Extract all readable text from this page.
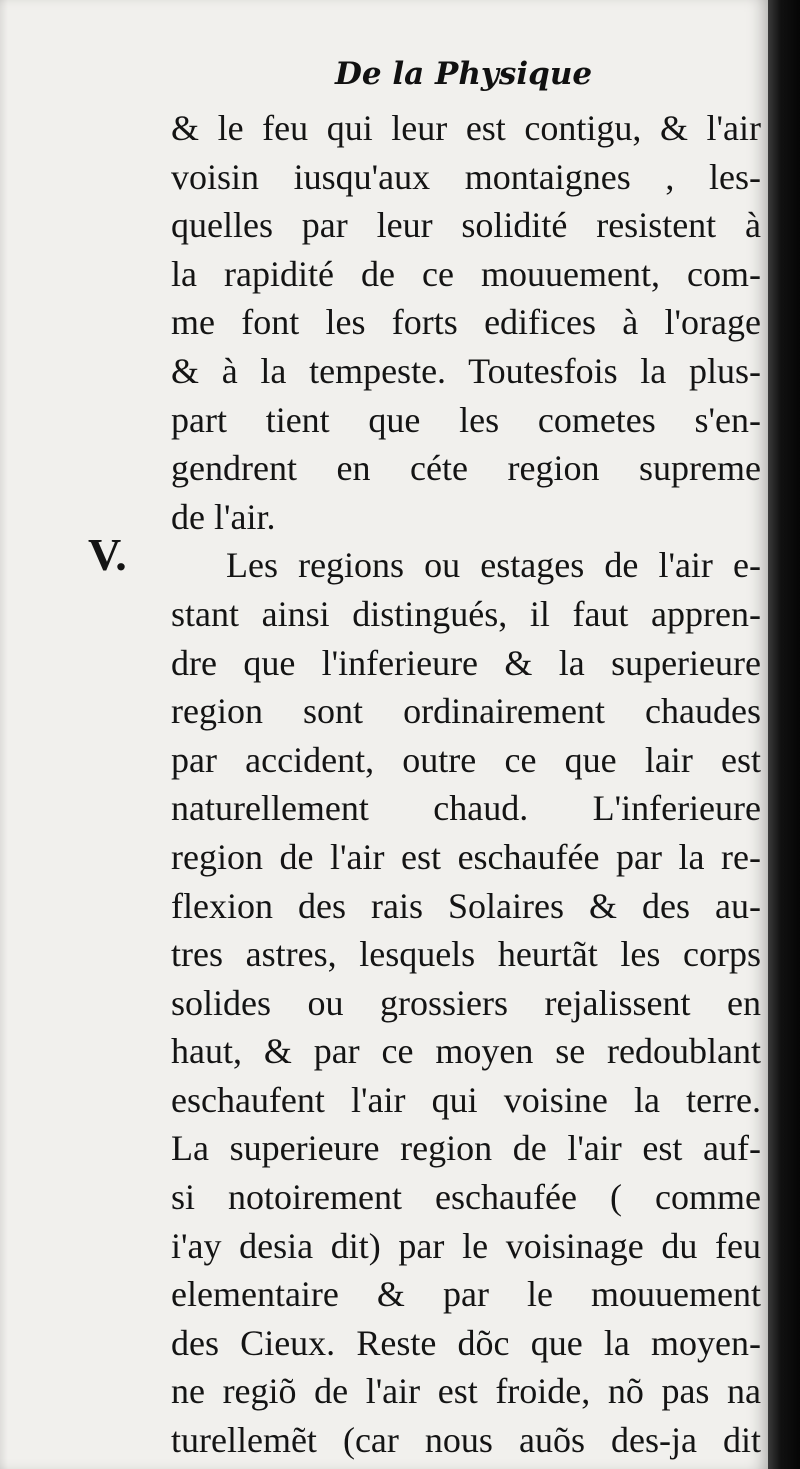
De la Physique
V.
& le feu qui leur est contigu, & l'air
voisin iusqu'aux montaignes , les-
quelles par leur solidité resistent à
la rapidité de ce mouuement, com-
me font les forts edifices à l'orage
& à la tempeste. Toutesfois la plus-
part tient que les cometes s'en-
gendrent en céte region supreme
de l'air.
Les regions ou estages de l'air e-
stant ainsi distingués, il faut appren-
dre que l'inferieure & la superieure
region sont ordinairement chaudes
par accident, outre ce que lair est
naturellement chaud. L'inferieure
region de l'air est eschaufée par la re-
flexion des rais Solaires & des au-
tres astres, lesquels heurtãt les corps
solides ou grossiers rejalissent en
haut, & par ce moyen se redoublant
eschaufent l'air qui voisine la terre.
La superieure region de l'air est auf-
si notoirement eschaufée ( comme
i'ay desia dit) par le voisinage du feu
elementaire & par le mouuement
des Cieux. Reste dõc que la moyen-
ne regiõ de l'air est froide, nõ pas na
turellemẽt (car nous auõs des-ja dit
